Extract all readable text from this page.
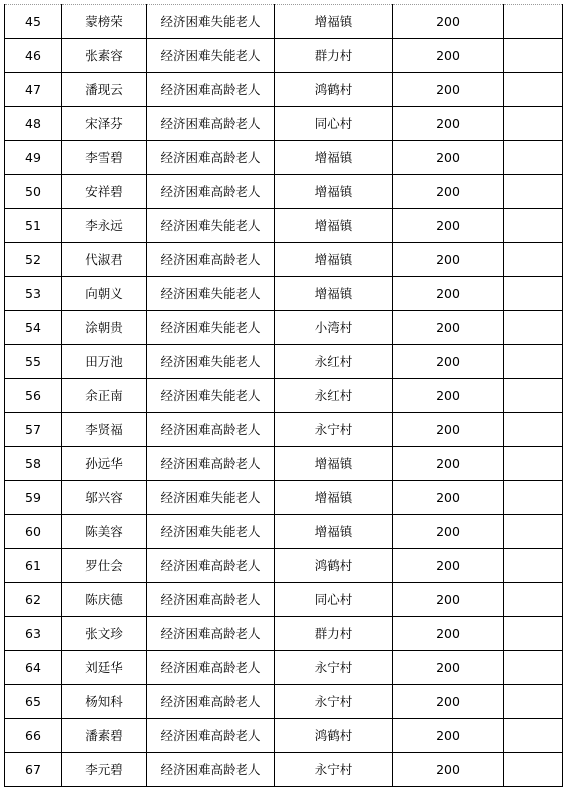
45	蒙榜荣	经济困难失能老人	增福镇	200	
46	张素容	经济困难失能老人	群力村	200	
47	潘现云	经济困难高龄老人	鸿鹤村	200	
48	宋泽芬	经济困难高龄老人	同心村	200	
49	李雪碧	经济困难高龄老人	增福镇	200	
50	安祥碧	经济困难高龄老人	增福镇	200	
51	李永远	经济困难失能老人	增福镇	200	
52	代淑君	经济困难高龄老人	增福镇	200	
53	向朝义	经济困难失能老人	增福镇	200	
54	涂朝贵	经济困难失能老人	小湾村	200	
55	田万池	经济困难失能老人	永红村	200	
56	余正南	经济困难失能老人	永红村	200	
57	李贤福	经济困难高龄老人	永宁村	200	
58	孙远华	经济困难高龄老人	增福镇	200	
59	邬兴容	经济困难失能老人	增福镇	200	
60	陈美容	经济困难失能老人	增福镇	200	
61	罗仕会	经济困难高龄老人	鸿鹤村	200	
62	陈庆德	经济困难高龄老人	同心村	200	
63	张文珍	经济困难高龄老人	群力村	200	
64	刘廷华	经济困难高龄老人	永宁村	200	
65	杨知科	经济困难高龄老人	永宁村	200	
66	潘素碧	经济困难高龄老人	鸿鹤村	200	
67	李元碧	经济困难高龄老人	永宁村	200	
